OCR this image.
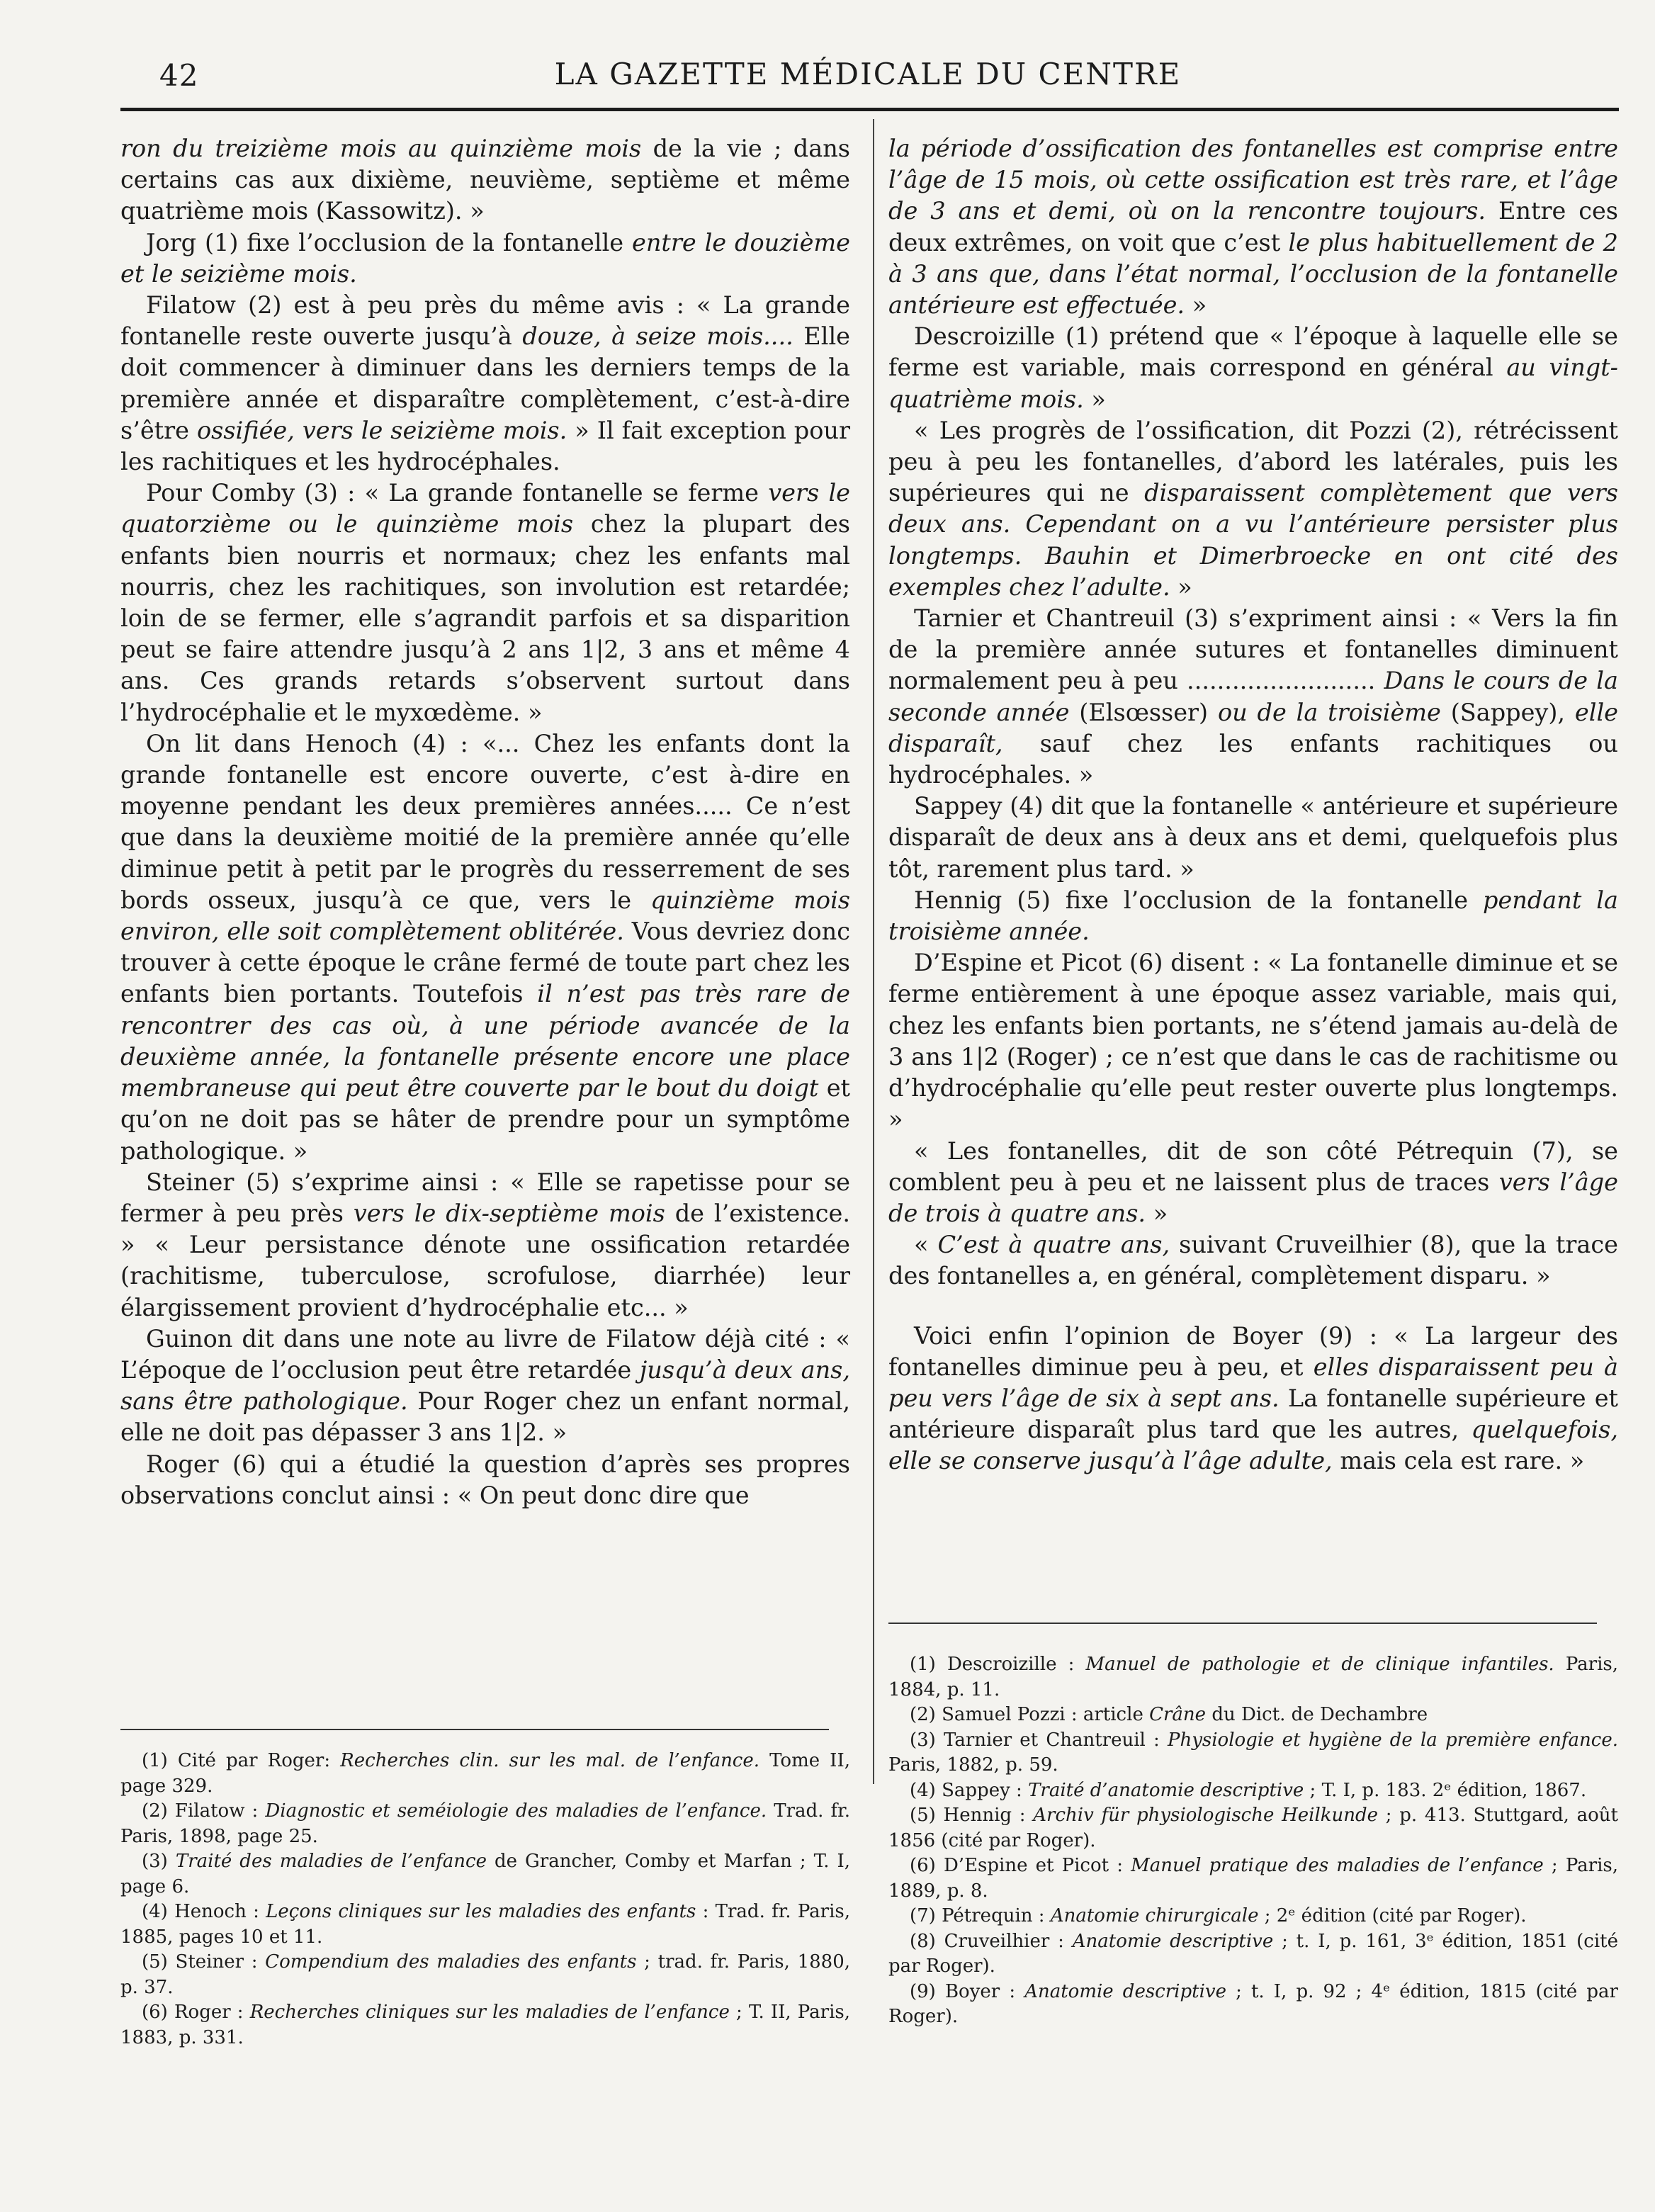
42	LA GAZETTE MÉDICALE DU CENTRE

ron du treizième mois au quinzième mois de la vie ; dans certains cas aux dixième, neuvième, septième et même quatrième mois (Kassowitz). »

Jorg (1) fixe l’occlusion de la fontanelle entre le douzième et le seizième mois.

Filatow (2) est à peu près du même avis : « La grande fontanelle reste ouverte jusqu’à douze, à seize mois.... Elle doit commencer à diminuer dans les derniers temps de la première année et disparaître complètement, c’est-à-dire s’être ossifiée, vers le seizième mois. » Il fait exception pour les rachitiques et les hydrocéphales.

Pour Comby (3) : « La grande fontanelle se ferme vers le quatorzième ou le quinzième mois chez la plupart des enfants bien nourris et normaux; chez les enfants mal nourris, chez les rachitiques, son involution est retardée; loin de se fermer, elle s’agrandit parfois et sa disparition peut se faire attendre jusqu’à 2 ans 1|2, 3 ans et même 4 ans. Ces grands retards s’observent surtout dans l’hydrocéphalie et le myxœdème. »

On lit dans Henoch (4) : «... Chez les enfants dont la grande fontanelle est encore ouverte, c’est à-dire en moyenne pendant les deux premières années..... Ce n’est que dans la deuxième moitié de la première année qu’elle diminue petit à petit par le progrès du resserrement de ses bords osseux, jusqu’à ce que, vers le quinzième mois environ, elle soit complètement oblitérée. Vous devriez donc trouver à cette époque le crâne fermé de toute part chez les enfants bien portants. Toutefois il n’est pas très rare de rencontrer des cas où, à une période avancée de la deuxième année, la fontanelle présente encore une place membraneuse qui peut être couverte par le bout du doigt et qu’on ne doit pas se hâter de prendre pour un symptôme pathologique. »

Steiner (5) s’exprime ainsi : « Elle se rapetisse pour se fermer à peu près vers le dix-septième mois de l’existence. » « Leur persistance dénote une ossification retardée (rachitisme, tuberculose, scrofulose, diarrhée) leur élargissement provient d’hydrocéphalie etc... »

Guinon dit dans une note au livre de Filatow déjà cité : « L’époque de l’occlusion peut être retardée jusqu’à deux ans, sans être pathologique. Pour Roger chez un enfant normal, elle ne doit pas dépasser 3 ans 1|2. »

Roger (6) qui a étudié la question d’après ses propres observations conclut ainsi : « On peut donc dire que

la période d’ossification des fontanelles est comprise entre l’âge de 15 mois, où cette ossification est très rare, et l’âge de 3 ans et demi, où on la rencontre toujours. Entre ces deux extrêmes, on voit que c’est le plus habituellement de 2 à 3 ans que, dans l’état normal, l’occlusion de la fontanelle antérieure est effectuée. »

Descroizille (1) prétend que « l’époque à laquelle elle se ferme est variable, mais correspond en général au vingt-quatrième mois. »

« Les progrès de l’ossification, dit Pozzi (2), rétrécissent peu à peu les fontanelles, d’abord les latérales, puis les supérieures qui ne disparaissent complètement que vers deux ans. Cependant on a vu l’antérieure persister plus longtemps. Bauhin et Dimerbroecke en ont cité des exemples chez l’adulte. »

Tarnier et Chantreuil (3) s’expriment ainsi : « Vers la fin de la première année sutures et fontanelles diminuent normalement peu à peu ......................... Dans le cours de la seconde année (Elsœsser) ou de la troisième (Sappey), elle disparaît, sauf chez les enfants rachitiques ou hydrocéphales. »

Sappey (4) dit que la fontanelle « antérieure et supérieure disparaît de deux ans à deux ans et demi, quelquefois plus tôt, rarement plus tard. »

Hennig (5) fixe l’occlusion de la fontanelle pendant la troisième année.

D’Espine et Picot (6) disent : « La fontanelle diminue et se ferme entièrement à une époque assez variable, mais qui, chez les enfants bien portants, ne s’étend jamais au-delà de 3 ans 1|2 (Roger) ; ce n’est que dans le cas de rachitisme ou d’hydrocéphalie qu’elle peut rester ouverte plus longtemps. »

« Les fontanelles, dit de son côté Pétrequin (7), se comblent peu à peu et ne laissent plus de traces vers l’âge de trois à quatre ans. »

« C’est à quatre ans, suivant Cruveilhier (8), que la trace des fontanelles a, en général, complètement disparu. »

Voici enfin l’opinion de Boyer (9) : « La largeur des fontanelles diminue peu à peu, et elles disparaissent peu à peu vers l’âge de six à sept ans. La fontanelle supérieure et antérieure disparaît plus tard que les autres, quelquefois, elle se conserve jusqu’à l’âge adulte, mais cela est rare. »

(1) Cité par Roger: Recherches clin. sur les mal. de l’enfance. Tome II, page 329.

(2) Filatow : Diagnostic et seméiologie des maladies de l’enfance. Trad. fr. Paris, 1898, page 25.

(3) Traité des maladies de l’enfance de Grancher, Comby et Marfan ; T. I, page 6.

(4) Henoch : Leçons cliniques sur les maladies des enfants : Trad. fr. Paris, 1885, pages 10 et 11.

(5) Steiner : Compendium des maladies des enfants ; trad. fr. Paris, 1880, p. 37.

(6) Roger : Recherches cliniques sur les maladies de l’enfance ; T. II, Paris, 1883, p. 331.

(1) Descroizille : Manuel de pathologie et de clinique infantiles. Paris, 1884, p. 11.

(2) Samuel Pozzi : article Crâne du Dict. de Dechambre

(3) Tarnier et Chantreuil : Physiologie et hygiène de la première enfance. Paris, 1882, p. 59.

(4) Sappey : Traité d’anatomie descriptive ; T. I, p. 183. 2ᵉ édition, 1867.

(5) Hennig : Archiv für physiologische Heilkunde ; p. 413. Stuttgard, août 1856 (cité par Roger).

(6) D’Espine et Picot : Manuel pratique des maladies de l’enfance ; Paris, 1889, p. 8.

(7) Pétrequin : Anatomie chirurgicale ; 2ᵉ édition (cité par Roger).

(8) Cruveilhier : Anatomie descriptive ; t. I, p. 161, 3ᵉ édition, 1851 (cité par Roger).

(9) Boyer : Anatomie descriptive ; t. I, p. 92 ; 4ᵉ édition, 1815 (cité par Roger).
